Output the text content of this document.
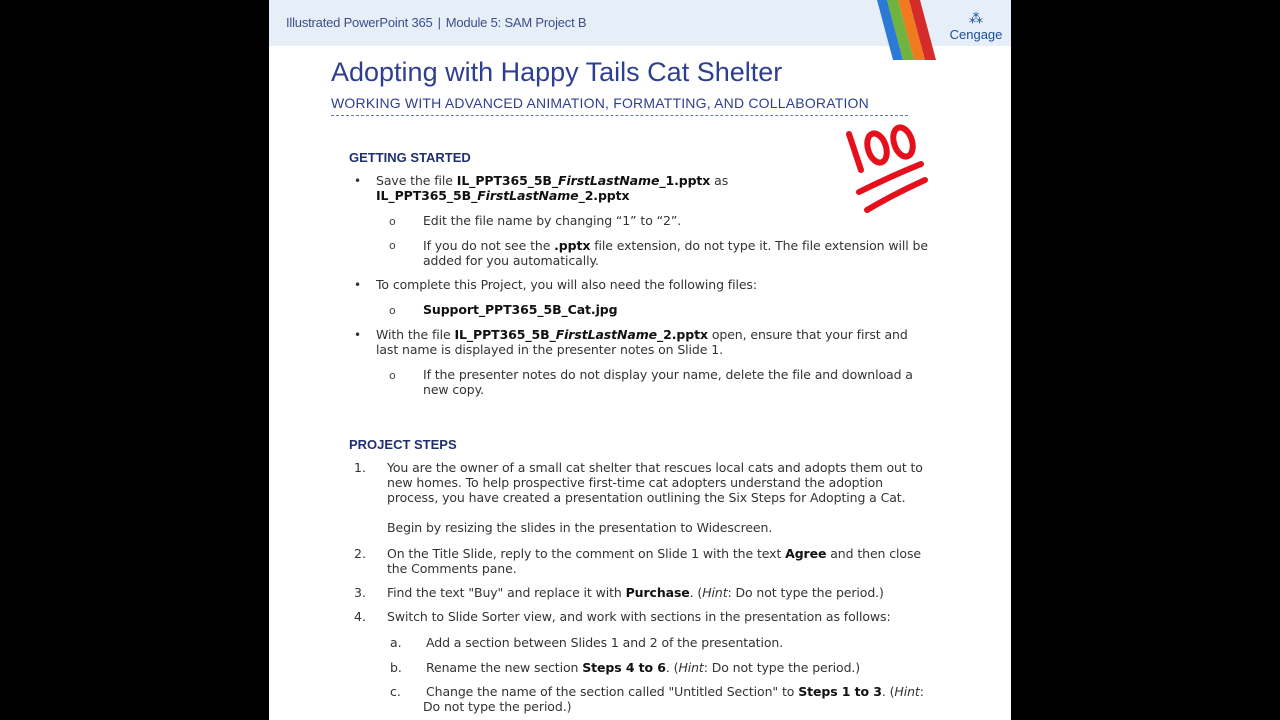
Illustrated PowerPoint 365 | Module 5: SAM Project B	⁂
Cengage
Adopting with Happy Tails Cat Shelter
WORKING WITH ADVANCED ANIMATION, FORMATTING, AND COLLABORATION
GETTING STARTED
• Save the file IL_PPT365_5B_FirstLastName_1.pptx as
IL_PPT365_5B_FirstLastName_2.pptx
o Edit the file name by changing “1” to “2”.
o If you do not see the .pptx file extension, do not type it. The file extension will be
added for you automatically.
• To complete this Project, you will also need the following files:
o Support_PPT365_5B_Cat.jpg
• With the file IL_PPT365_5B_FirstLastName_2.pptx open, ensure that your first and
last name is displayed in the presenter notes on Slide 1.
o If the presenter notes do not display your name, delete the file and download a
new copy.
PROJECT STEPS
1. You are the owner of a small cat shelter that rescues local cats and adopts them out to
new homes. To help prospective first-time cat adopters understand the adoption
process, you have created a presentation outlining the Six Steps for Adopting a Cat.
Begin by resizing the slides in the presentation to Widescreen.
2. On the Title Slide, reply to the comment on Slide 1 with the text Agree and then close
the Comments pane.
3. Find the text "Buy" and replace it with Purchase. (Hint: Do not type the period.)
4. Switch to Slide Sorter view, and work with sections in the presentation as follows:
a. Add a section between Slides 1 and 2 of the presentation.
b. Rename the new section Steps 4 to 6. (Hint: Do not type the period.)
c. Change the name of the section called "Untitled Section" to Steps 1 to 3. (Hint:
Do not type the period.)
